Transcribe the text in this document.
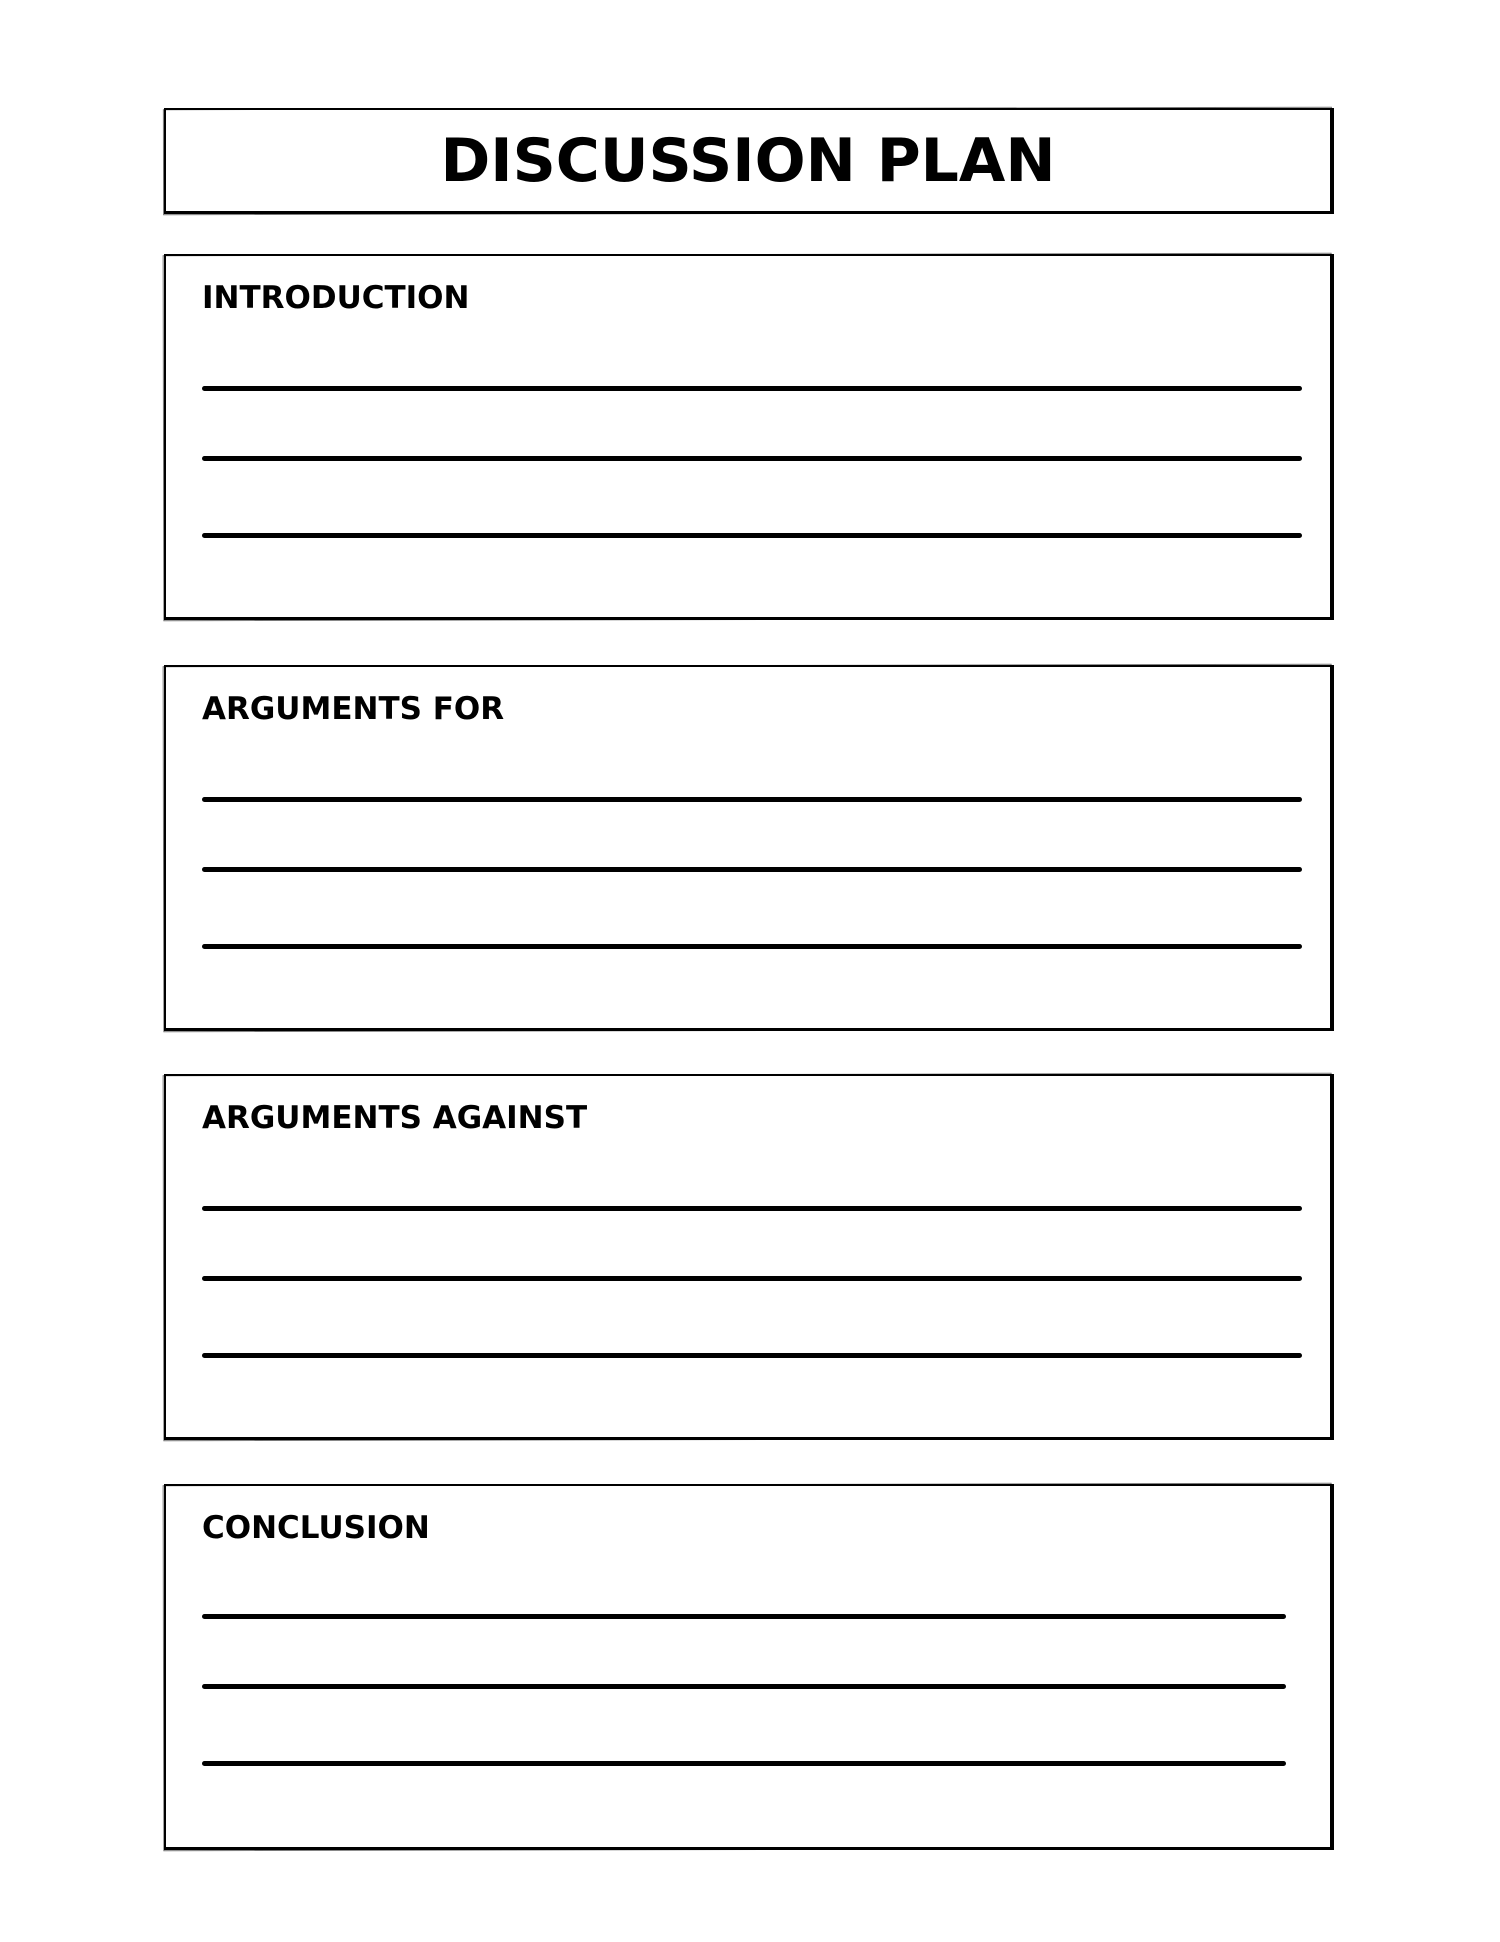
DISCUSSION PLAN
INTRODUCTION
ARGUMENTS FOR
ARGUMENTS AGAINST
CONCLUSION
